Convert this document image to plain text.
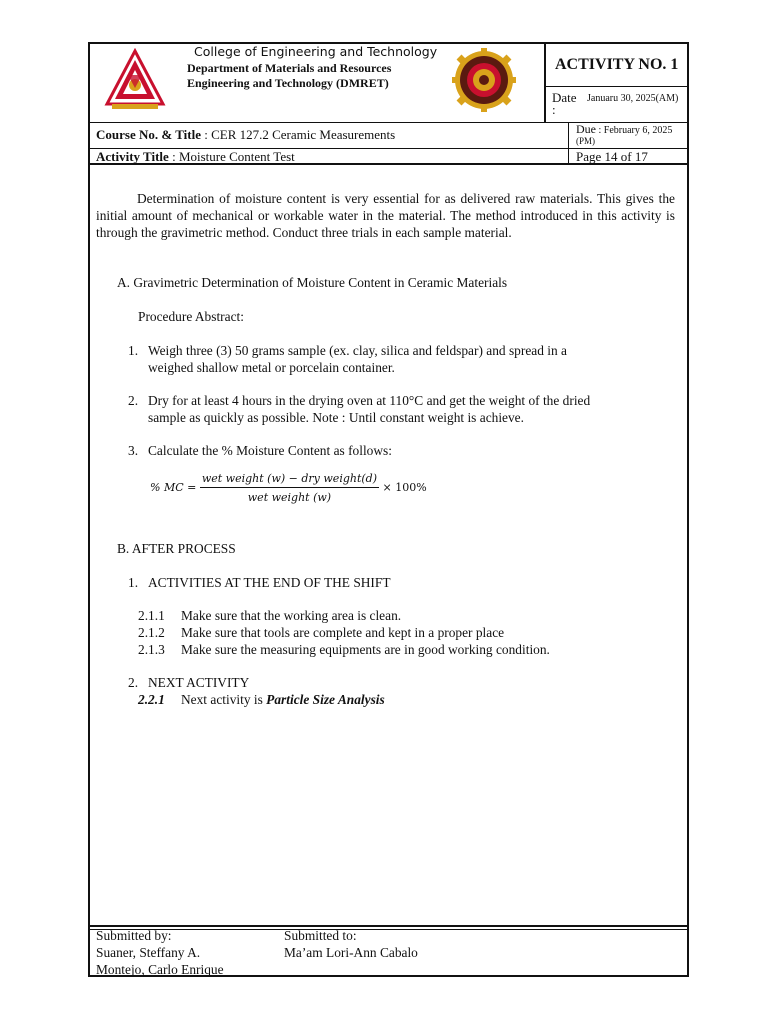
College of Engineering and Technology
Department of Materials and Resources
Engineering and Technology (DMRET)
ACTIVITY NO. 1
Date
:
Januaru 30, 2025(AM)
Course No. & Title : CER 127.2 Ceramic Measurements	Due : February 6, 2025
(PM)
Activity Title : Moisture Content Test	Page 14 of 17
Determination of moisture content is very essential for as delivered raw materials. This gives the initial amount of mechanical or workable water in the material. The method introduced in this activity is through the gravimetric method. Conduct three trials in each sample material.
A. Gravimetric Determination of Moisture Content in Ceramic Materials
Procedure Abstract:
1. Weigh three (3) 50 grams sample (ex. clay, silica and feldspar) and spread in a weighed shallow metal or porcelain container.
2. Dry for at least 4 hours in the drying oven at 110°C and get the weight of the dried sample as quickly as possible. Note : Until constant weight is achieve.
3. Calculate the % Moisture Content as follows:
% MC = $\frac{\text{wet weight (w) − dry weight(d)}}{\text{wet weight (w)}} \times 100\%$
B. AFTER PROCESS
1. ACTIVITIES AT THE END OF THE SHIFT
2.1.1	Make sure that the working area is clean.
2.1.2	Make sure that tools are complete and kept in a proper place
2.1.3	Make sure the measuring equipments are in good working condition.
2. NEXT ACTIVITY
2.2.1	Next activity is Particle Size Analysis
Submitted by:
Suaner, Steffany A.
Montejo, Carlo Enrique
Submitted to:
Ma’am Lori-Ann Cabalo
